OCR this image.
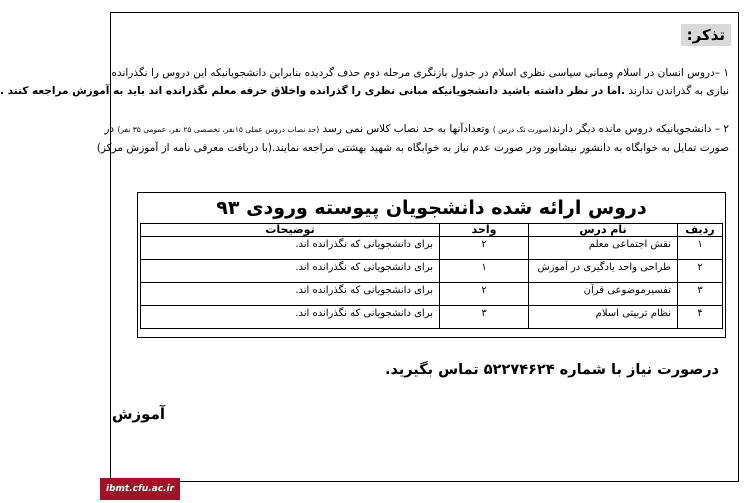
تذکر:
۱ –دروس انسان در اسلام ومبانی سیاسی نظری اسلام در جدول بازنگری مرحله دوم حذف گردیده بنابراین دانشجویانیکه این دروس را نگذرانده
نیازی به گذراندن ندارند .اما در نظر داشته باشید دانشجویانیکه مبانی نظری را گذرانده واخلاق حرفه معلم نگذرانده اند باید به آموزش مراجعه کنند .
۲ – دانشجویانیکه دروس مانده دیگر دارند(صورت تک درس ) وتعدادآنها به حد نصاب کلاس نمی رسد (حد نصاب دروس عملی ۱۵نفر، تخصصی ۲۵ نفر، عمومی ۳۵ نفر) در
صورت تمایل به خوابگاه به دانشور نیشابور ودر صورت عدم نیاز به خوابگاه به شهید بهشتی مراجعه نمایند.(با دریافت معرفی نامه از آموزش مرکز)
دروس ارائه شده دانشجویان پیوسته ورودی ۹۳
ردیف	نام درس	واحد	توضیحات
۱	نقش اجتماعی معلم	۲	برای دانشجویانی که نگذرانده اند.
۲	طراحی واحد یادگیری در آموزش	۱	برای دانشجویانی که نگذرانده اند.
۳	تفسیرموضوعی قرآن	۲	برای دانشجویانی که نگذرانده اند.
۴	نظام تربیتی اسلام	۳	برای دانشجویانی که نگذرانده اند.
درصورت نیاز با شماره ۵۲۲۷۴۶۲۴ تماس بگیرید.
آموزش
ibmt.cfu.ac.ir
